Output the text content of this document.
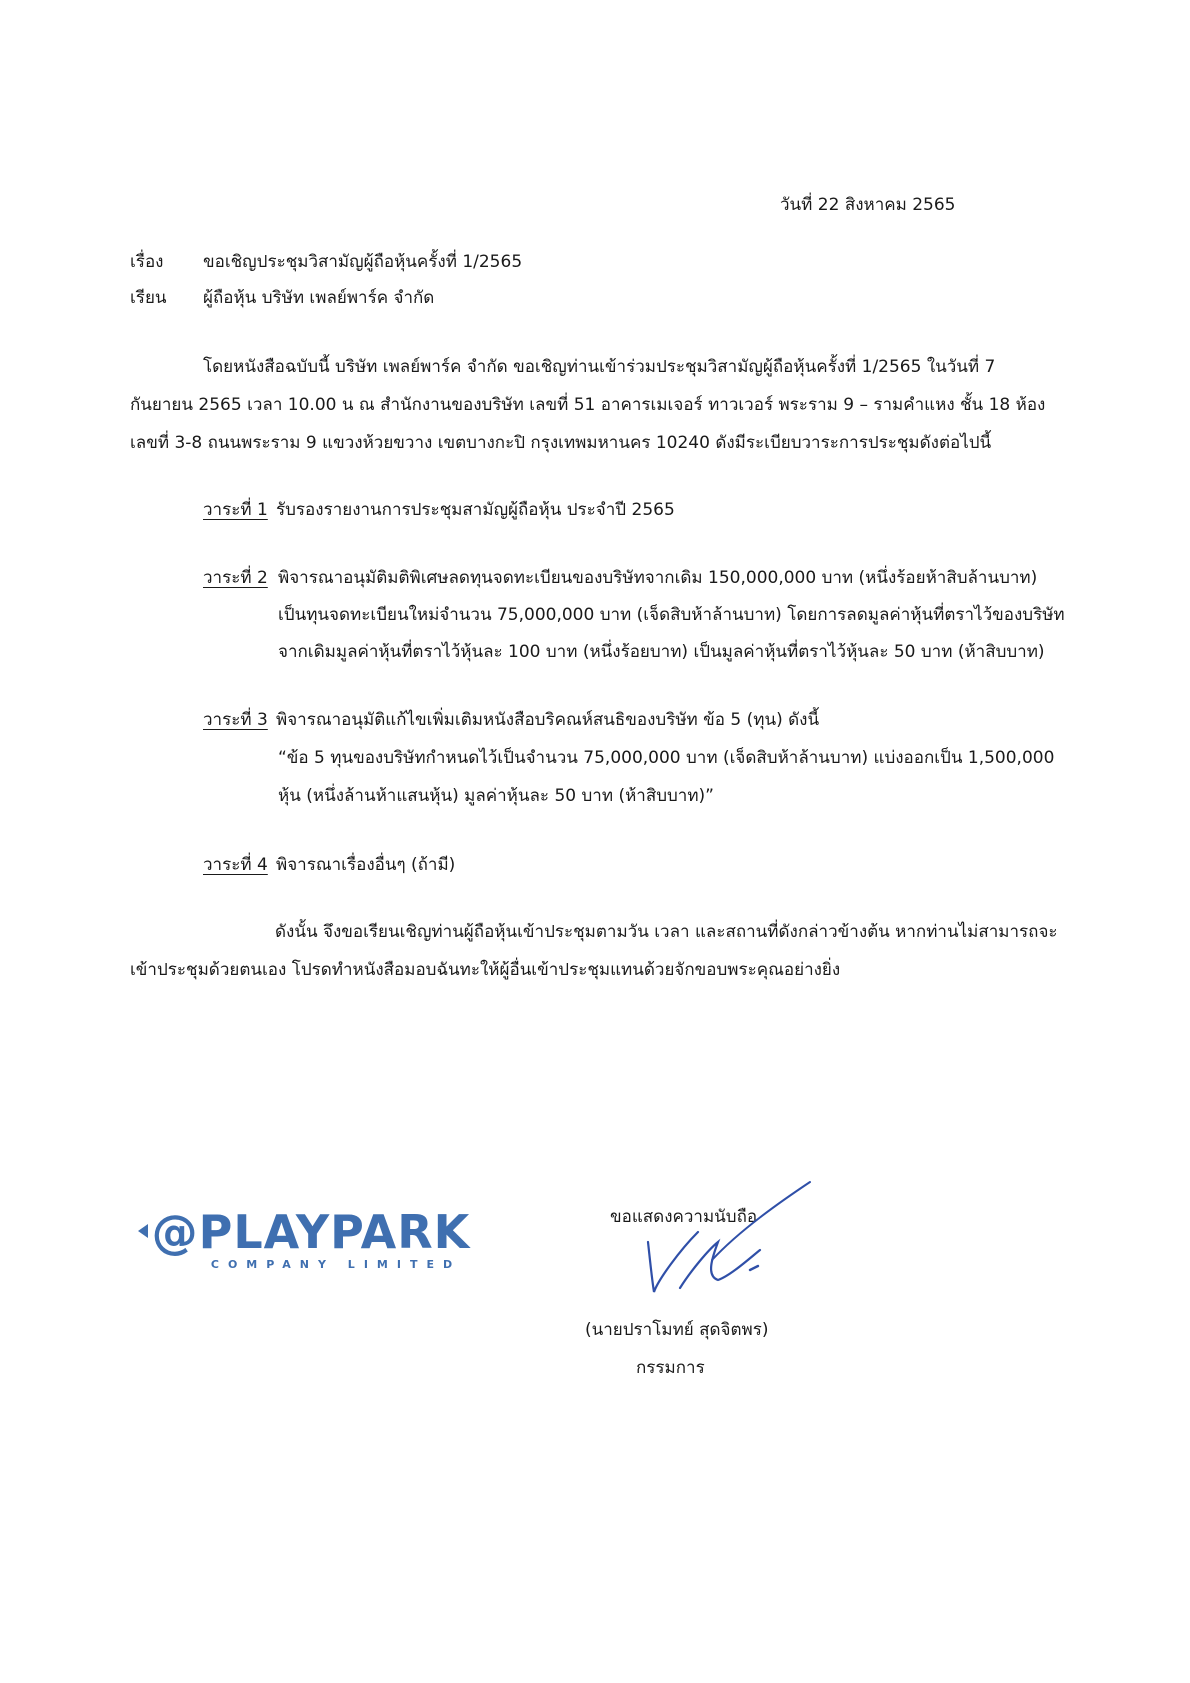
วันที่ 22 สิงหาคม 2565
เรื่อง ขอเชิญประชุมวิสามัญผู้ถือหุ้นครั้งที่ 1/2565
เรียน ผู้ถือหุ้น บริษัท เพลย์พาร์ค จำกัด
โดยหนังสือฉบับนี้ บริษัท เพลย์พาร์ค จำกัด ขอเชิญท่านเข้าร่วมประชุมวิสามัญผู้ถือหุ้นครั้งที่ 1/2565 ในวันที่ 7
กันยายน 2565 เวลา 10.00 น ณ สำนักงานของบริษัท เลขที่ 51 อาคารเมเจอร์ ทาวเวอร์ พระราม 9 – รามคำแหง ชั้น 18 ห้อง
เลขที่ 3-8 ถนนพระราม 9 แขวงห้วยขวาง เขตบางกะปิ กรุงเทพมหานคร 10240 ดังมีระเบียบวาระการประชุมดังต่อไปนี้
วาระที่ 1 รับรองรายงานการประชุมสามัญผู้ถือหุ้น ประจำปี 2565
วาระที่ 2 พิจารณาอนุมัติมติพิเศษลดทุนจดทะเบียนของบริษัทจากเดิม 150,000,000 บาท (หนึ่งร้อยห้าสิบล้านบาท)
เป็นทุนจดทะเบียนใหม่จำนวน 75,000,000 บาท (เจ็ดสิบห้าล้านบาท) โดยการลดมูลค่าหุ้นที่ตราไว้ของบริษัท
จากเดิมมูลค่าหุ้นที่ตราไว้หุ้นละ 100 บาท (หนึ่งร้อยบาท) เป็นมูลค่าหุ้นที่ตราไว้หุ้นละ 50 บาท (ห้าสิบบาท)
วาระที่ 3 พิจารณาอนุมัติแก้ไขเพิ่มเติมหนังสือบริคณห์สนธิของบริษัท ข้อ 5 (ทุน) ดังนี้
“ข้อ 5 ทุนของบริษัทกำหนดไว้เป็นจำนวน 75,000,000 บาท (เจ็ดสิบห้าล้านบาท) แบ่งออกเป็น 1,500,000
หุ้น (หนึ่งล้านห้าแสนหุ้น) มูลค่าหุ้นละ 50 บาท (ห้าสิบบาท)”
วาระที่ 4 พิจารณาเรื่องอื่นๆ (ถ้ามี)
ดังนั้น จึงขอเรียนเชิญท่านผู้ถือหุ้นเข้าประชุมตามวัน เวลา และสถานที่ดังกล่าวข้างต้น หากท่านไม่สามารถจะ
เข้าประชุมด้วยตนเอง โปรดทำหนังสือมอบฉันทะให้ผู้อื่นเข้าประชุมแทนด้วยจักขอบพระคุณอย่างยิ่ง
@PLAYPARK
COMPANY LIMITED
ขอแสดงความนับถือ
(นายปราโมทย์ สุดจิตพร)
กรรมการ
